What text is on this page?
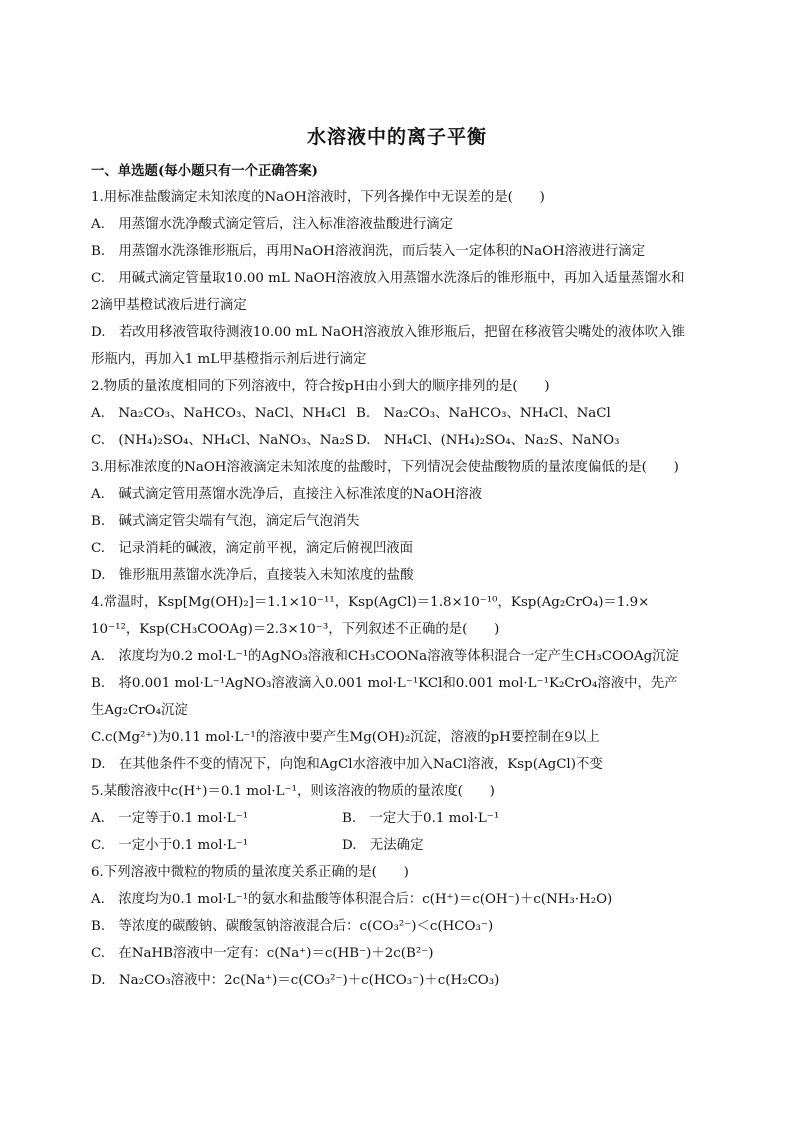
水溶液中的离子平衡
一、单选题(每小题只有一个正确答案)
1.用标准盐酸滴定未知浓度的NaOH溶液时，下列各操作中无误差的是(　　)
A.　用蒸馏水洗净酸式滴定管后，注入标准溶液盐酸进行滴定
B.　用蒸馏水洗涤锥形瓶后，再用NaOH溶液润洗，而后装入一定体积的NaOH溶液进行滴定
C.　用碱式滴定管量取10.00 mL NaOH溶液放入用蒸馏水洗涤后的锥形瓶中，再加入适量蒸馏水和
2滴甲基橙试液后进行滴定
D.　若改用移液管取待测液10.00 mL NaOH溶液放入锥形瓶后，把留在移液管尖嘴处的液体吹入锥
形瓶内，再加入1 mL甲基橙指示剂后进行滴定
2.物质的量浓度相同的下列溶液中，符合按pH由小到大的顺序排列的是(　　)
A.　Na₂CO₃、NaHCO₃、NaCl、NH₄Cl B.　Na₂CO₃、NaHCO₃、NH₄Cl、NaCl
C.　(NH₄)₂SO₄、NH₄Cl、NaNO₃、Na₂S D.　NH₄Cl、(NH₄)₂SO₄、Na₂S、NaNO₃
3.用标准浓度的NaOH溶液滴定未知浓度的盐酸时，下列情况会使盐酸物质的量浓度偏低的是(　　)
A.　碱式滴定管用蒸馏水洗净后，直接注入标准浓度的NaOH溶液
B.　碱式滴定管尖端有气泡，滴定后气泡消失
C.　记录消耗的碱液，滴定前平视，滴定后俯视凹液面
D.　锥形瓶用蒸馏水洗净后，直接装入未知浓度的盐酸
4.常温时，Ksp[Mg(OH)₂]＝1.1×10⁻¹¹，Ksp(AgCl)＝1.8×10⁻¹⁰，Ksp(Ag₂CrO₄)＝1.9×
10⁻¹²，Ksp(CH₃COOAg)＝2.3×10⁻³，下列叙述不正确的是(　　)
A.　浓度均为0.2 mol·L⁻¹的AgNO₃溶液和CH₃COONa溶液等体积混合一定产生CH₃COOAg沉淀
B.　将0.001 mol·L⁻¹AgNO₃溶液滴入0.001 mol·L⁻¹KCl和0.001 mol·L⁻¹K₂CrO₄溶液中，先产
生Ag₂CrO₄沉淀
C.c(Mg²⁺)为0.11 mol·L⁻¹的溶液中要产生Mg(OH)₂沉淀，溶液的pH要控制在9以上
D.　在其他条件不变的情况下，向饱和AgCl水溶液中加入NaCl溶液，Ksp(AgCl)不变
5.某酸溶液中c(H⁺)＝0.1 mol·L⁻¹，则该溶液的物质的量浓度(　　)
A.　一定等于0.1 mol·L⁻¹	B.　一定大于0.1 mol·L⁻¹
C.　一定小于0.1 mol·L⁻¹	D.　无法确定
6.下列溶液中微粒的物质的量浓度关系正确的是(　　)
A.　浓度均为0.1 mol·L⁻¹的氨水和盐酸等体积混合后：c(H⁺)＝c(OH⁻)＋c(NH₃·H₂O)
B.　等浓度的碳酸钠、碳酸氢钠溶液混合后：c(CO₃²⁻)＜c(HCO₃⁻)
C.　在NaHB溶液中一定有：c(Na⁺)＝c(HB⁻)＋2c(B²⁻)
D.　Na₂CO₃溶液中：2c(Na⁺)＝c(CO₃²⁻)＋c(HCO₃⁻)＋c(H₂CO₃)
